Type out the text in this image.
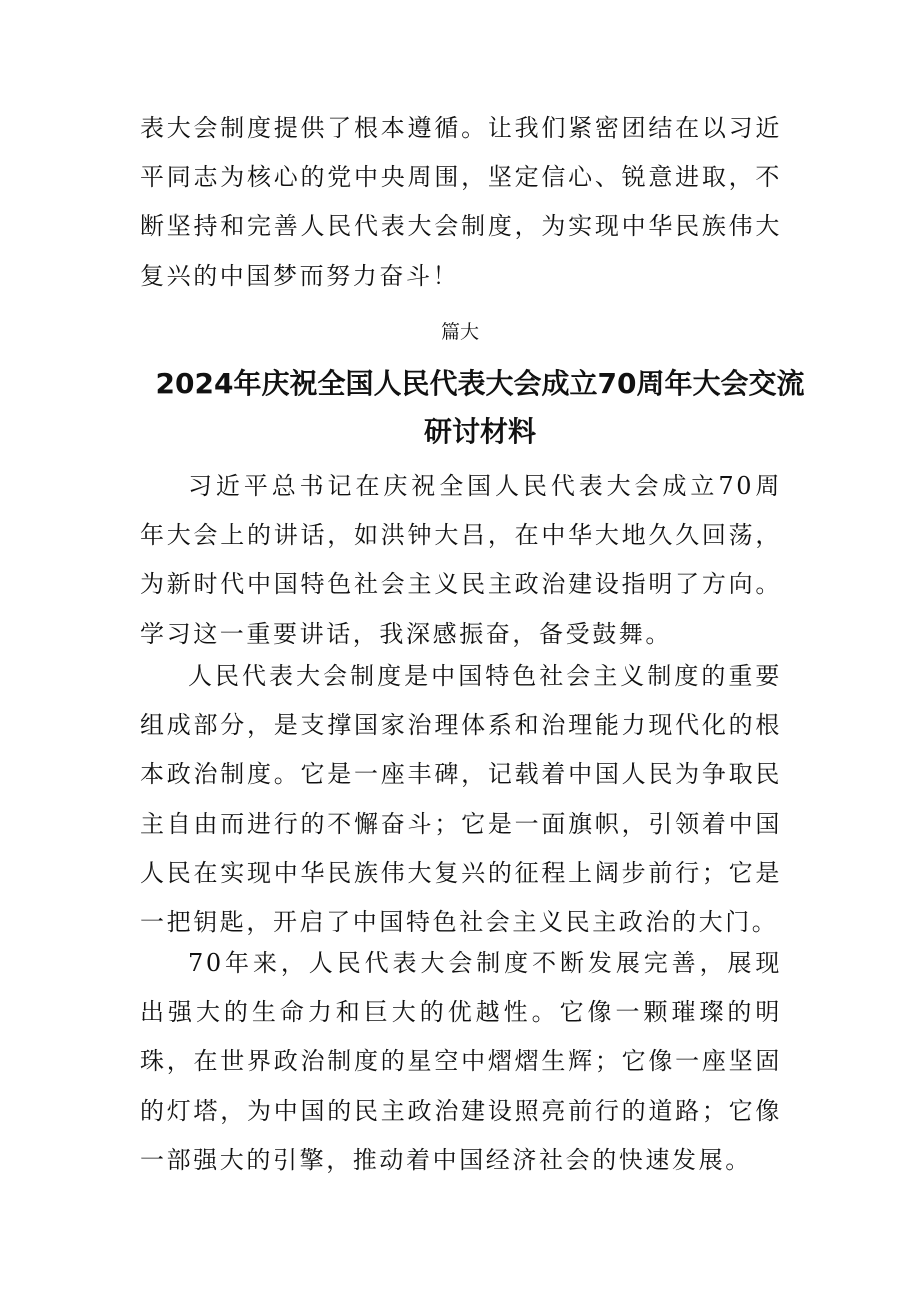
表大会制度提供了根本遵循。让我们紧密团结在以习近平同志为核心的党中央周围，坚定信心、锐意进取，不断坚持和完善人民代表大会制度，为实现中华民族伟大复兴的中国梦而努力奋斗！

篇大

2024年庆祝全国人民代表大会成立70周年大会交流研讨材料

习近平总书记在庆祝全国人民代表大会成立70周年大会上的讲话，如洪钟大吕，在中华大地久久回荡，为新时代中国特色社会主义民主政治建设指明了方向。学习这一重要讲话，我深感振奋，备受鼓舞。

人民代表大会制度是中国特色社会主义制度的重要组成部分，是支撑国家治理体系和治理能力现代化的根本政治制度。它是一座丰碑，记载着中国人民为争取民主自由而进行的不懈奋斗；它是一面旗帜，引领着中国人民在实现中华民族伟大复兴的征程上阔步前行；它是一把钥匙，开启了中国特色社会主义民主政治的大门。

70年来，人民代表大会制度不断发展完善，展现出强大的生命力和巨大的优越性。它像一颗璀璨的明珠，在世界政治制度的星空中熠熠生辉；它像一座坚固的灯塔，为中国的民主政治建设照亮前行的道路；它像一部强大的引擎，推动着中国经济社会的快速发展。
